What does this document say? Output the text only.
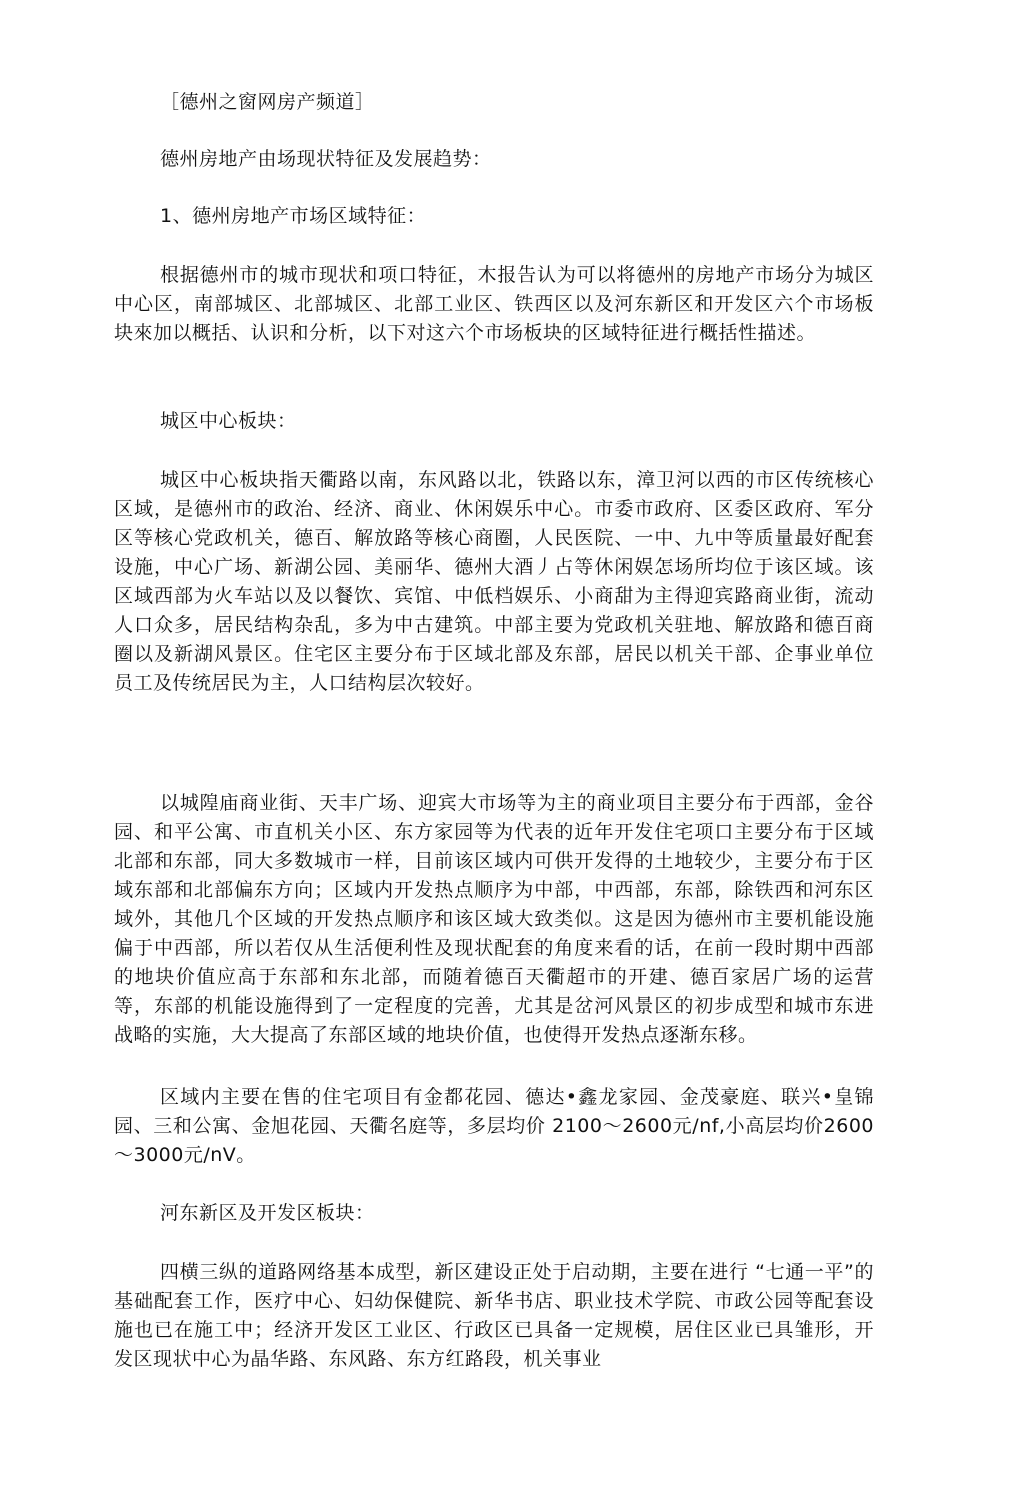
［德州之窗网房产频道］

德州房地产由场现状特征及发展趋势：

1、德州房地产市场区域特征：

根据德州市的城市现状和项口特征，木报告认为可以将德州的房地产市场分为城区中心区，南部城区、北部城区、北部工业区、铁西区以及河东新区和开发区六个市场板块來加以概括、认识和分析，以下对这六个市场板块的区域特征进行概括性描述。

城区中心板块：

城区中心板块指天衢路以南，东风路以北，铁路以东，漳卫河以西的市区传统核心区域，是德州市的政治、经济、商业、休闲娱乐中心。市委市政府、区委区政府、军分区等核心党政机关，德百、解放路等核心商圈，人民医院、一中、九中等质量最好配套设施，中心广场、新湖公园、美丽华、德州大酒丿占等休闲娱怎场所均位于该区域。该区域西部为火车站以及以餐饮、宾馆、中低档娱乐、小商甜为主得迎宾路商业街，流动人口众多，居民结构杂乱，多为中古建筑。中部主要为党政机关驻地、解放路和德百商圈以及新湖风景区。住宅区主要分布于区域北部及东部，居民以机关干部、企事业单位员工及传统居民为主，人口结构层次较好。

以城隍庙商业街、天丰广场、迎宾大市场等为主的商业项目主要分布于西部，金谷园、和平公寓、市直机关小区、东方家园等为代表的近年开发住宅项口主要分布于区域北部和东部，同大多数城市一样，目前该区域内可供开发得的土地较少，主要分布于区域东部和北部偏东方向；区域内开发热点顺序为中部，中西部，东部，除铁西和河东区域外，其他几个区域的开发热点顺序和该区域大致类似。这是因为德州市主要机能设施偏于中西部，所以若仅从生活便利性及现状配套的角度来看的话，在前一段时期中西部的地块价值应高于东部和东北部，而随着德百天衢超市的开建、德百家居广场的运营等，东部的机能设施得到了一定程度的完善，尤其是岔河风景区的初步成型和城市东进战略的实施，大大提高了东部区域的地块价值，也使得开发热点逐渐东移。

区域内主要在售的住宅项目有金都花园、德达•鑫龙家园、金茂豪庭、联兴•皇锦园、三和公寓、金旭花园、天衢名庭等，多层均价 2100～2600元/nf,小高层均价2600～3000元/nV。

河东新区及开发区板块：

四横三纵的道路网络基本成型，新区建设正处于启动期，主要在进行 “七通一平”的基础配套工作，医疗中心、妇幼保健院、新华书店、职业技术学院、市政公园等配套设施也已在施工中；经济开发区工业区、行政区已具备一定规模，居住区业已具雏形，开发区现状中心为晶华路、东风路、东方红路段，机关事业
